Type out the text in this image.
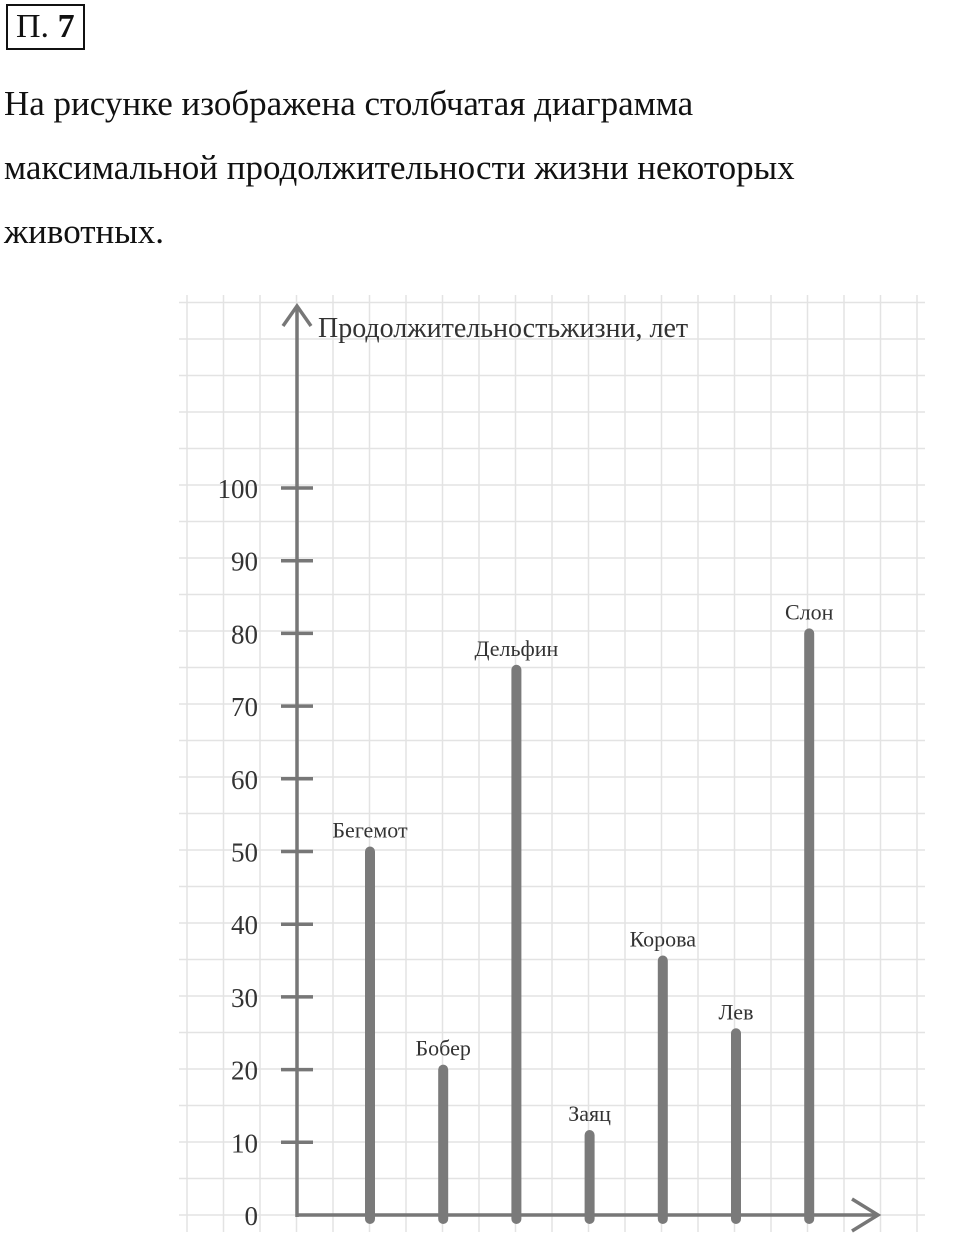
П. 7
На рисунке изображена столбчатая диаграмма
максимальной продолжительности жизни некоторых
животных.
0
10
20
30
40
50
60
70
80
90
100
Бегемот
Бобер
Дельфин
Заяц
Корова
Лев
Слон
Продолжительностьжизни, лет
